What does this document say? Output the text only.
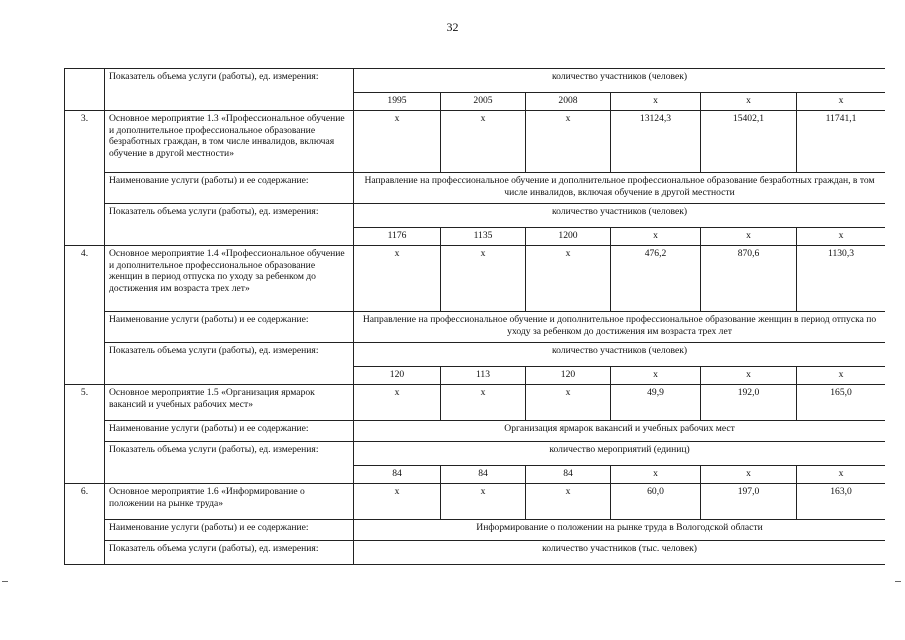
32
	Показатель объема услуги (работы), ед. измерения:	количество участников (человек)					
		1995	2005	2008	x	x	x
3.	Основное мероприятие 1.3 «Профессиональное обучение и дополнительное профессиональное образование безработных граждан, в том числе инвалидов, включая обучение в другой местности»	x	x	x	13124,3	15402,1	11741,1
	Наименование услуги (работы) и ее содержание:	Направление на профессиональное обучение и дополнительное профессиональное образование безработных граждан, в том числе инвалидов, включая обучение в другой местности					
	Показатель объема услуги (работы), ед. измерения:	количество участников (человек)					
		1176	1135	1200	x	x	x
4.	Основное мероприятие 1.4 «Профессиональное обучение и дополнительное профессиональное образование женщин в период отпуска по уходу за ребенком до достижения им возраста трех лет»	x	x	x	476,2	870,6	1130,3
	Наименование услуги (работы) и ее содержание:	Направление на профессиональное обучение и дополнительное профессиональное образование женщин в период отпуска по уходу за ребенком до достижения им возраста трех лет					
	Показатель объема услуги (работы), ед. измерения:	количество участников (человек)					
		120	113	120	x	x	x
5.	Основное мероприятие 1.5 «Организация ярмарок вакансий и учебных рабочих мест»	x	x	x	49,9	192,0	165,0
	Наименование услуги (работы) и ее содержание:	Организация ярмарок вакансий и учебных рабочих мест					
	Показатель объема услуги (работы), ед. измерения:	количество мероприятий (единиц)					
		84	84	84	x	x	x
6.	Основное мероприятие 1.6 «Информирование о положении на рынке труда»	x	x	x	60,0	197,0	163,0
	Наименование услуги (работы) и ее содержание:	Информирование о положении на рынке труда в Вологодской области					
	Показатель объема услуги (работы), ед. измерения:	количество участников (тыс. человек)					
